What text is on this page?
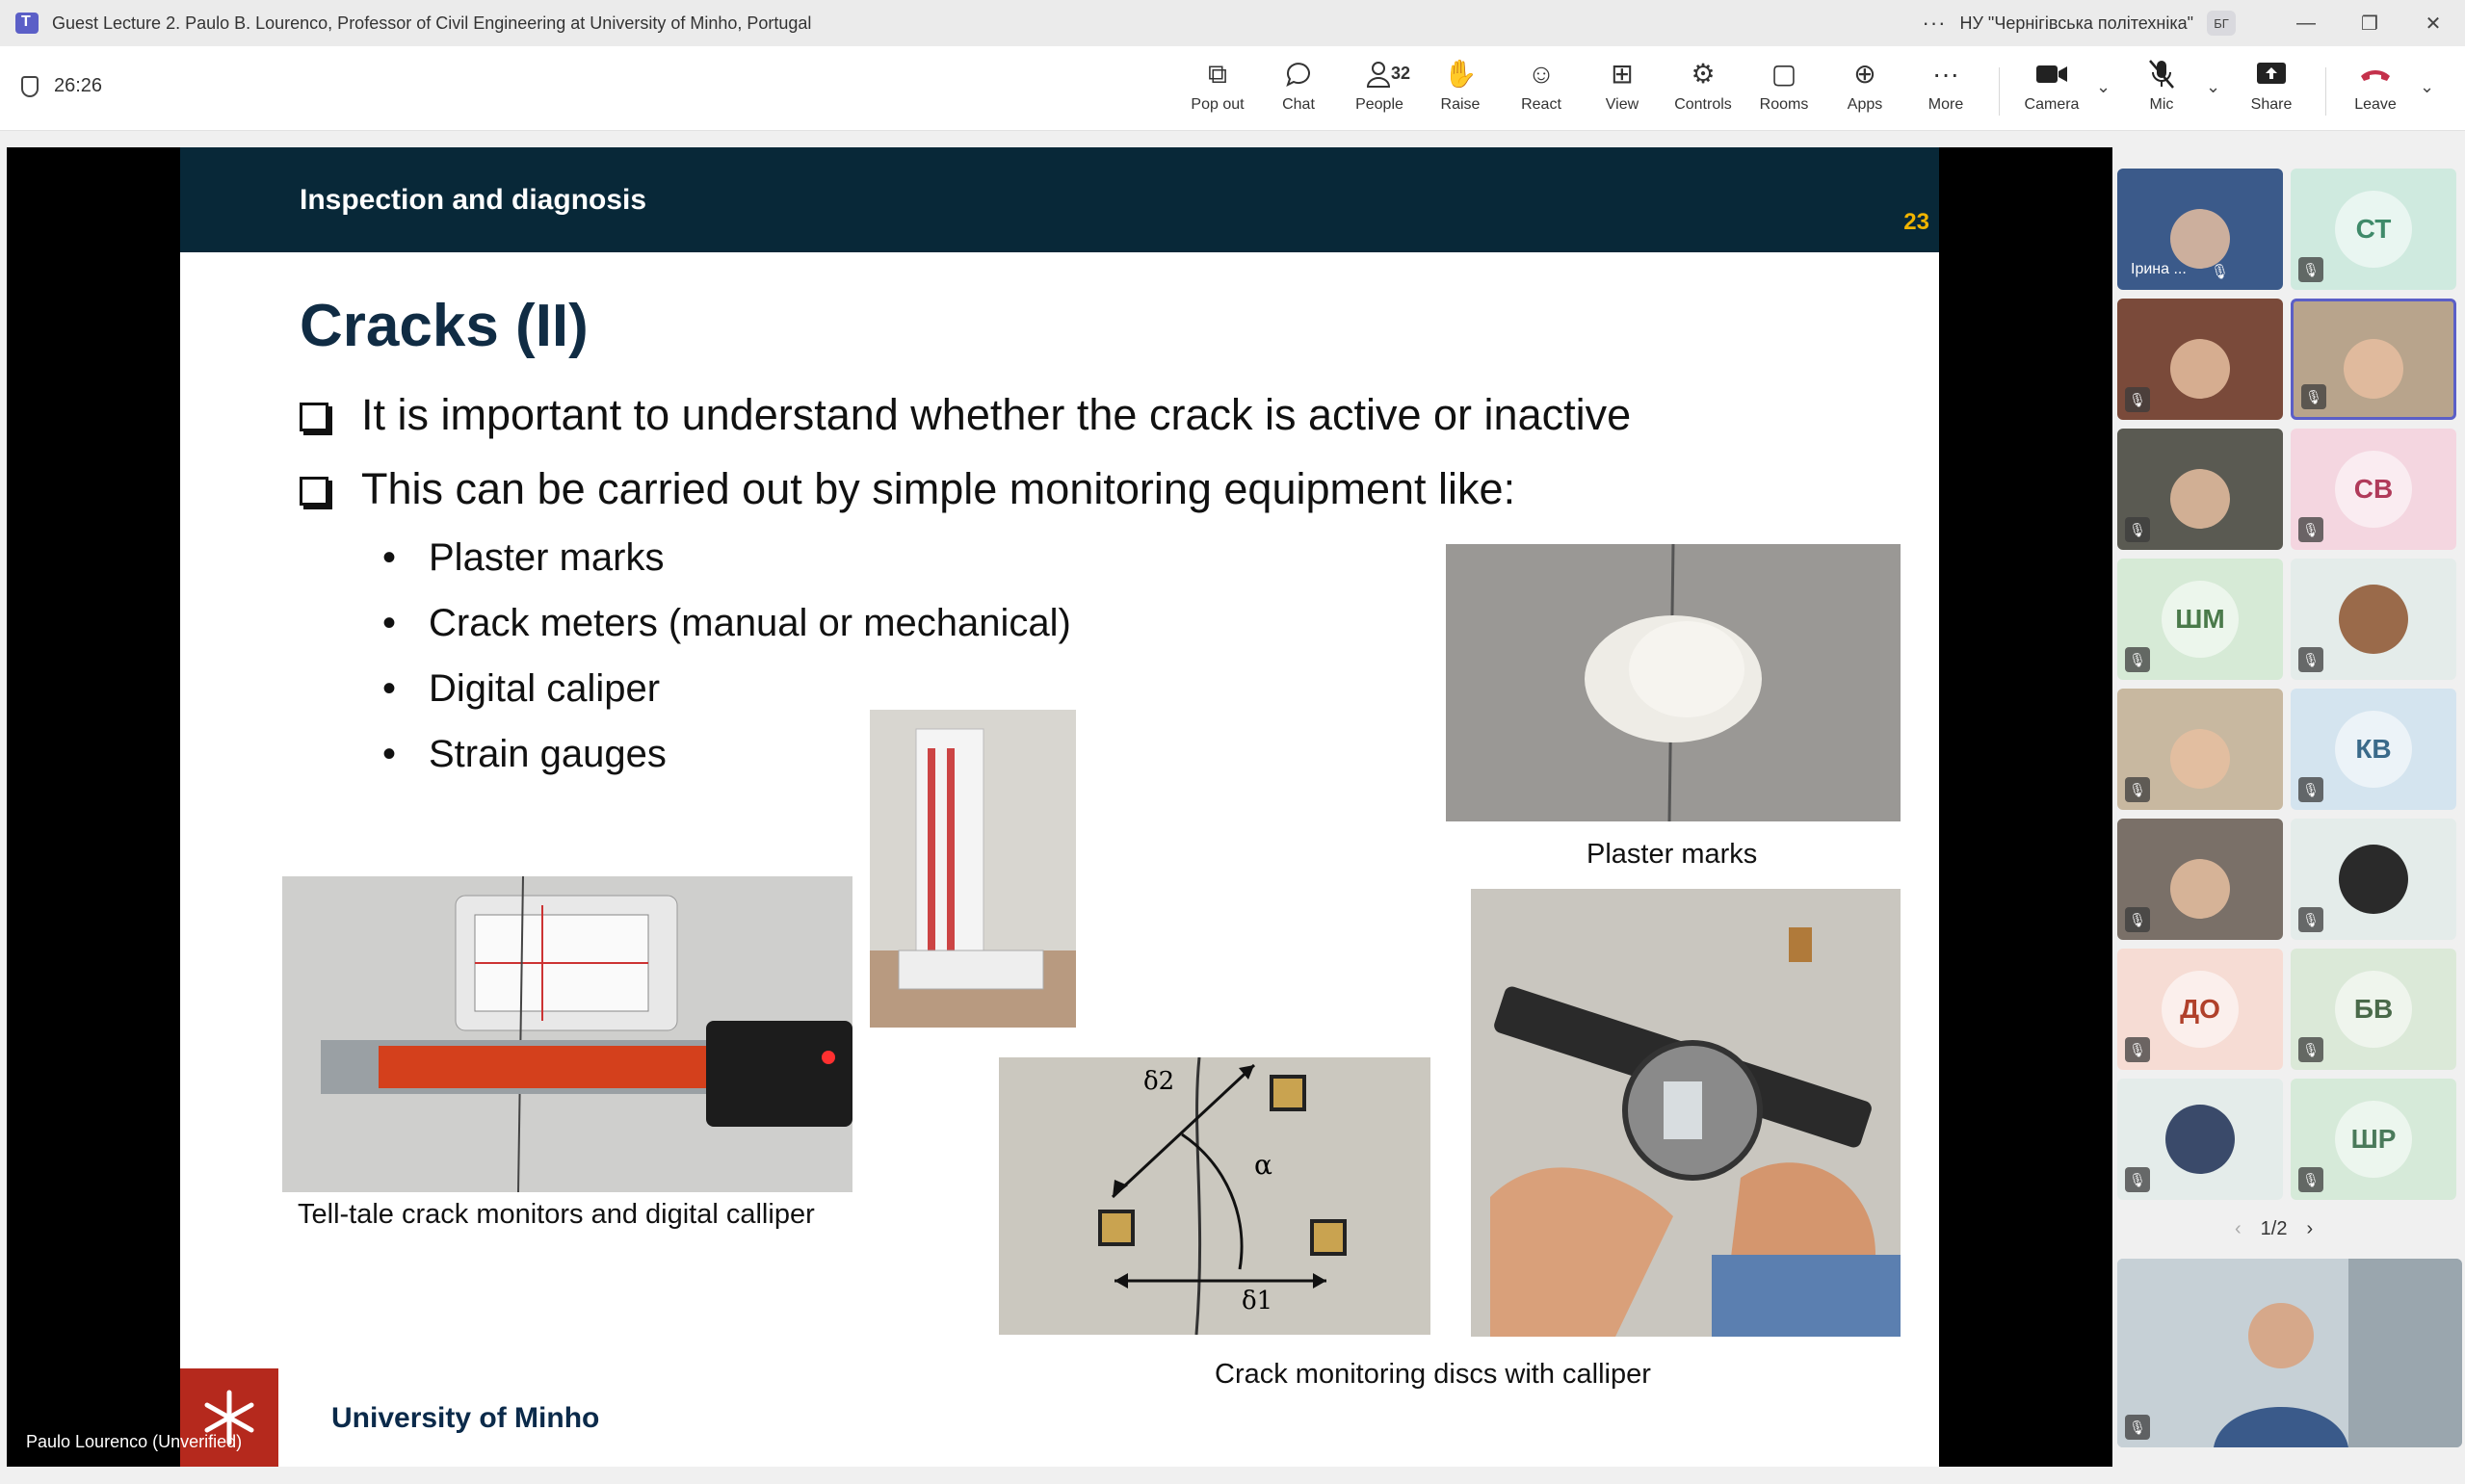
T
Guest Lecture 2. Paulo B. Lourenco, Professor of Civil Engineering at University of Minho, Portugal	··· НУ "Чернігівська політехніка"	БГ	—	❐	✕
26:26	⧉
Pop out Chat
32
People
✋
Raise
☺
React
⊞
View
⚙
Controls
▢
Rooms
⊕
Apps
···
More	Camera
⌄
Mic
⌄
Share	Leave
⌄
Inspection and diagnosis
23
Cracks (II)
It is important to understand whether the crack is active or inactive
This can be carried out by simple monitoring equipment like:
• Plaster marks
• Crack meters (manual or mechanical)
• Digital caliper
• Strain gauges
Plaster marks
Tell-tale crack monitors and digital calliper
δ2
α
δ1
Crack monitoring discs with calliper
University of Minho
Paulo Lourenco (Unverified)
Ірина ... 🎙
СТ
🎙
🎙	🎙
🎙
СВ
🎙
ШМ
🎙	🎙
🎙
КВ
🎙
🎙	🎙
ДО
🎙
БВ
🎙
🎙
ШР
🎙
‹ 1/2 ›
🎙
